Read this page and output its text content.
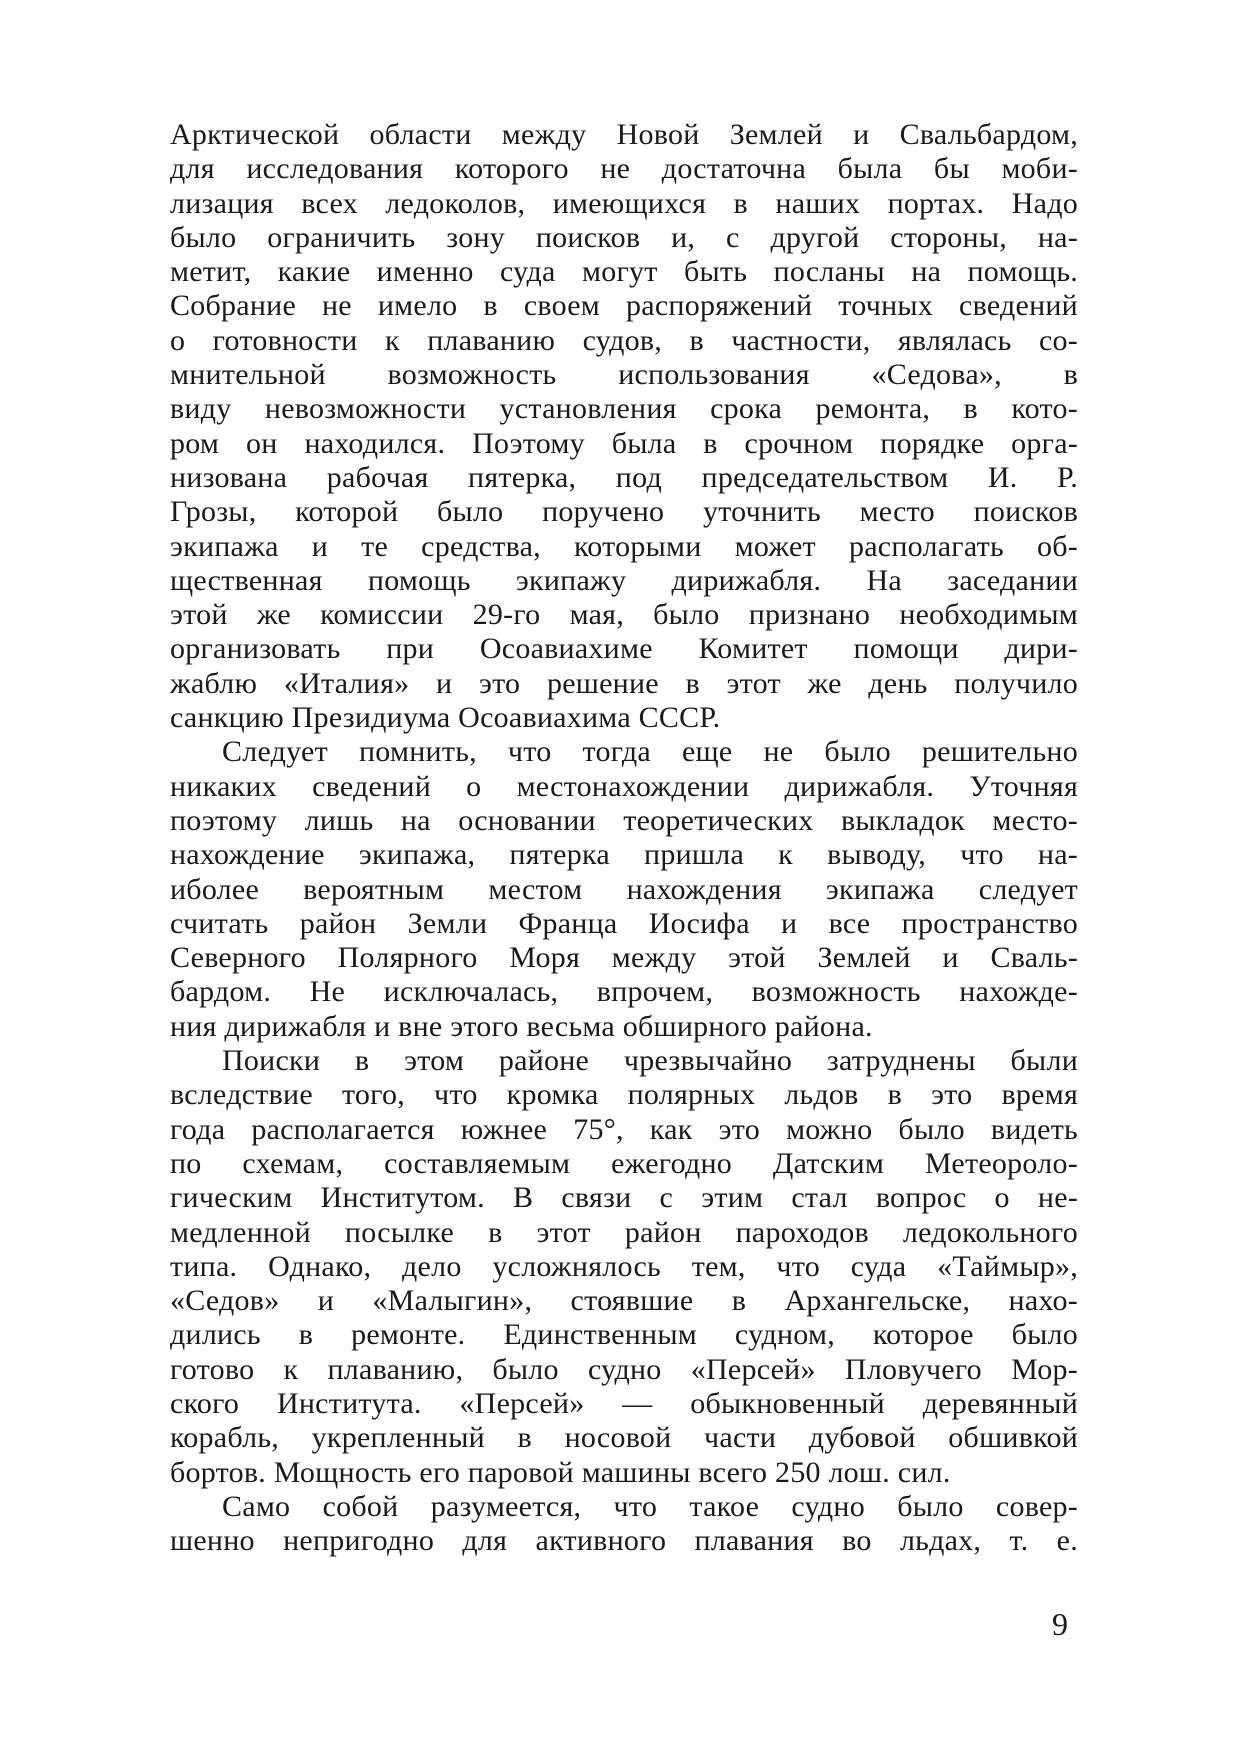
Арктической области между Новой Землей и Свальбардом,
для исследования которого не достаточна была бы моби-
лизация всех ледоколов, имеющихся в наших портах. Надо
было ограничить зону поисков и, с другой стороны, на-
метит, какие именно суда могут быть посланы на помощь.
Собрание не имело в своем распоряжений точных сведений
о готовности к плаванию судов, в частности, являлась со-
мнительной возможность использования «Седова», в
виду невозможности установления срока ремонта, в кото-
ром он находился. Поэтому была в срочном порядке орга-
низована рабочая пятерка, под председательством И. Р.
Грозы, которой было поручено уточнить место поисков
экипажа и те средства, которыми может располагать об-
щественная помощь экипажу дирижабля. На заседании
этой же комиссии 29-го мая, было признано необходимым
организовать при Осоавиахиме Комитет помощи дири-
жаблю «Италия» и это решение в этот же день получило
санкцию Президиума Осоавиахима СССР.
Следует помнить, что тогда еще не было решительно
никаких сведений о местонахождении дирижабля. Уточняя
поэтому лишь на основании теоретических выкладок место-
нахождение экипажа, пятерка пришла к выводу, что на-
иболее вероятным местом нахождения экипажа следует
считать район Земли Франца Иосифа и все пространство
Северного Полярного Моря между этой Землей и Сваль-
бардом. Не исключалась, впрочем, возможность нахожде-
ния дирижабля и вне этого весьма обширного района.
Поиски в этом районе чрезвычайно затруднены были
вследствие того, что кромка полярных льдов в это время
года располагается южнее 75°, как это можно было видеть
по схемам, составляемым ежегодно Датским Метеороло-
гическим Институтом. В связи с этим стал вопрос о не-
медленной посылке в этот район пароходов ледокольного
типа. Однако, дело усложнялось тем, что суда «Таймыр»,
«Седов» и «Малыгин», стоявшие в Архангельске, нахо-
дились в ремонте. Единственным судном, которое было
готово к плаванию, было судно «Персей» Пловучего Мор-
ского Института. «Персей» — обыкновенный деревянный
корабль, укрепленный в носовой части дубовой обшивкой
бортов. Мощность его паровой машины всего 250 лош. сил.
Само собой разумеется, что такое судно было совер-
шенно непригодно для активного плавания во льдах, т. е.
9
